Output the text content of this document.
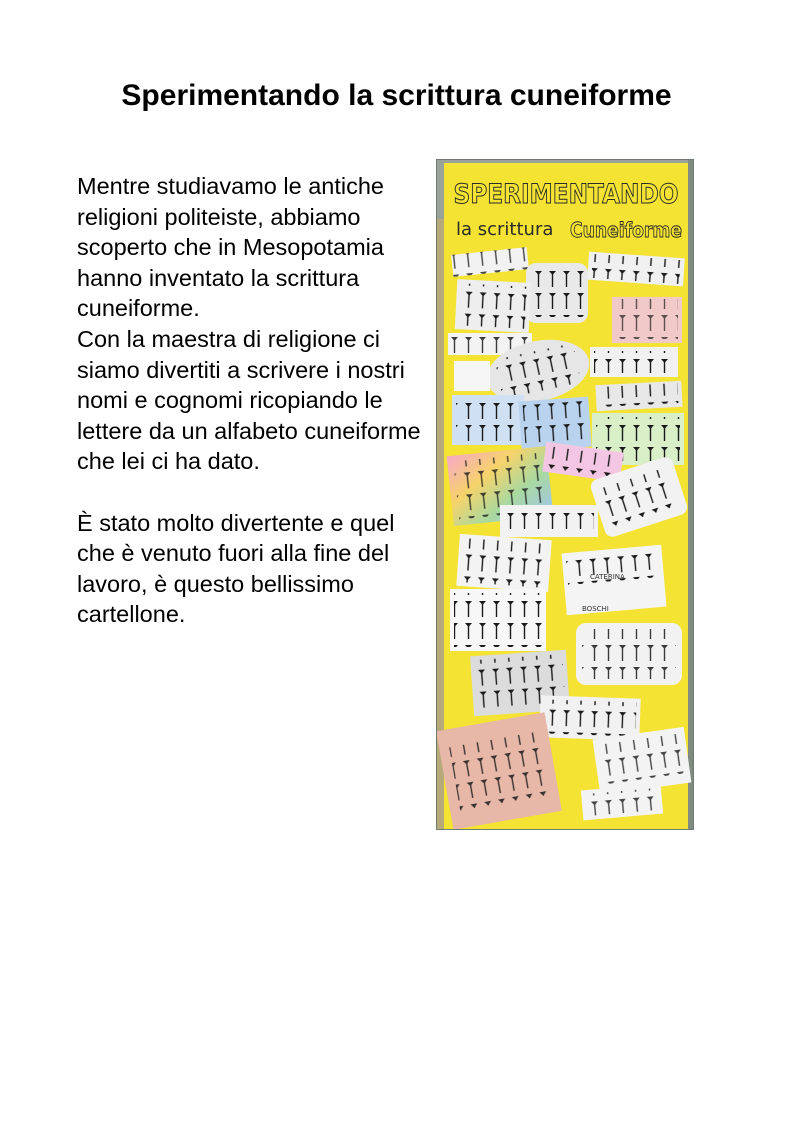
Sperimentando la scrittura cuneiforme

Mentre studiavamo le antiche religioni politeiste, abbiamo scoperto che in Mesopotamia hanno inventato la scrittura cuneiforme.

Con la maestra di religione ci siamo divertiti a scrivere i nostri nomi e cognomi ricopiando le lettere da un alfabeto cuneiforme che lei ci ha dato.

È stato molto divertente e quel che è venuto fuori alla fine del lavoro, è questo bellissimo cartellone.

SPERIMENTANDO
la scrittura Cuneiforme
CATERINA
BOSCHI
